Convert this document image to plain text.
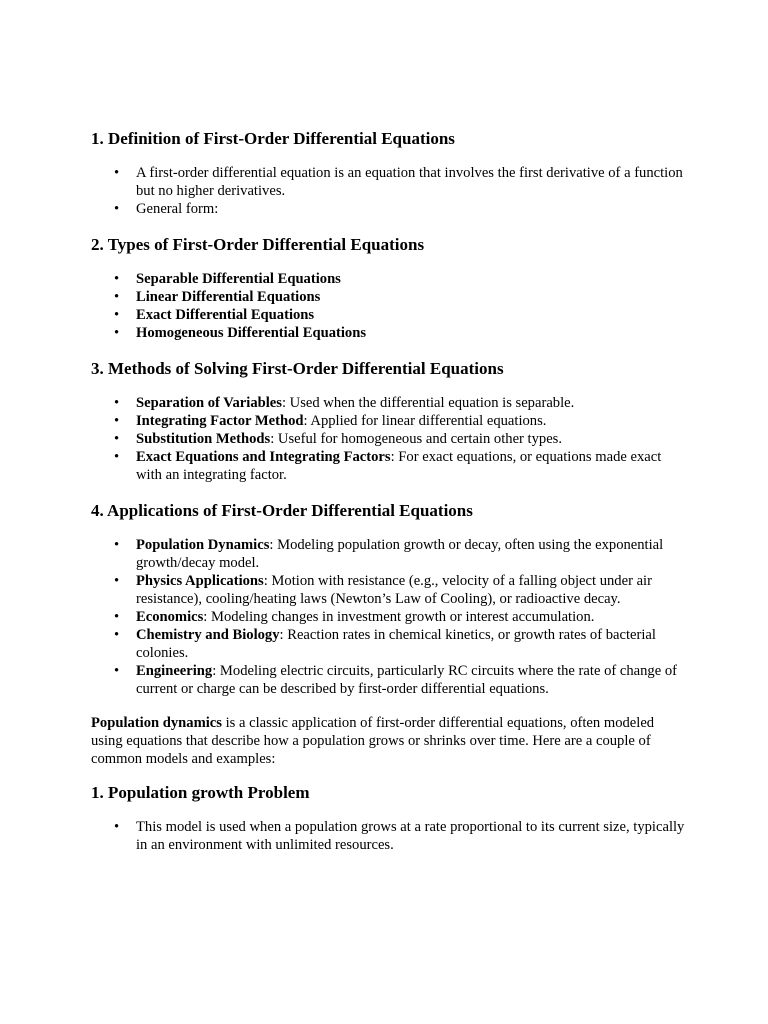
1. Definition of First-Order Differential Equations
• A first-order differential equation is an equation that involves the first derivative of a function but no higher derivatives.
• General form:
2. Types of First-Order Differential Equations
• Separable Differential Equations
• Linear Differential Equations
• Exact Differential Equations
• Homogeneous Differential Equations
3. Methods of Solving First-Order Differential Equations
• Separation of Variables: Used when the differential equation is separable.
• Integrating Factor Method: Applied for linear differential equations.
• Substitution Methods: Useful for homogeneous and certain other types.
• Exact Equations and Integrating Factors: For exact equations, or equations made exact with an integrating factor.
4. Applications of First-Order Differential Equations
• Population Dynamics: Modeling population growth or decay, often using the exponential growth/decay model.
• Physics Applications: Motion with resistance (e.g., velocity of a falling object under air resistance), cooling/heating laws (Newton’s Law of Cooling), or radioactive decay.
• Economics: Modeling changes in investment growth or interest accumulation.
• Chemistry and Biology: Reaction rates in chemical kinetics, or growth rates of bacterial colonies.
• Engineering: Modeling electric circuits, particularly RC circuits where the rate of change of current or charge can be described by first-order differential equations.

Population dynamics is a classic application of first-order differential equations, often modeled using equations that describe how a population grows or shrinks over time. Here are a couple of common models and examples:

1. Population growth Problem
• This model is used when a population grows at a rate proportional to its current size, typically in an environment with unlimited resources.
